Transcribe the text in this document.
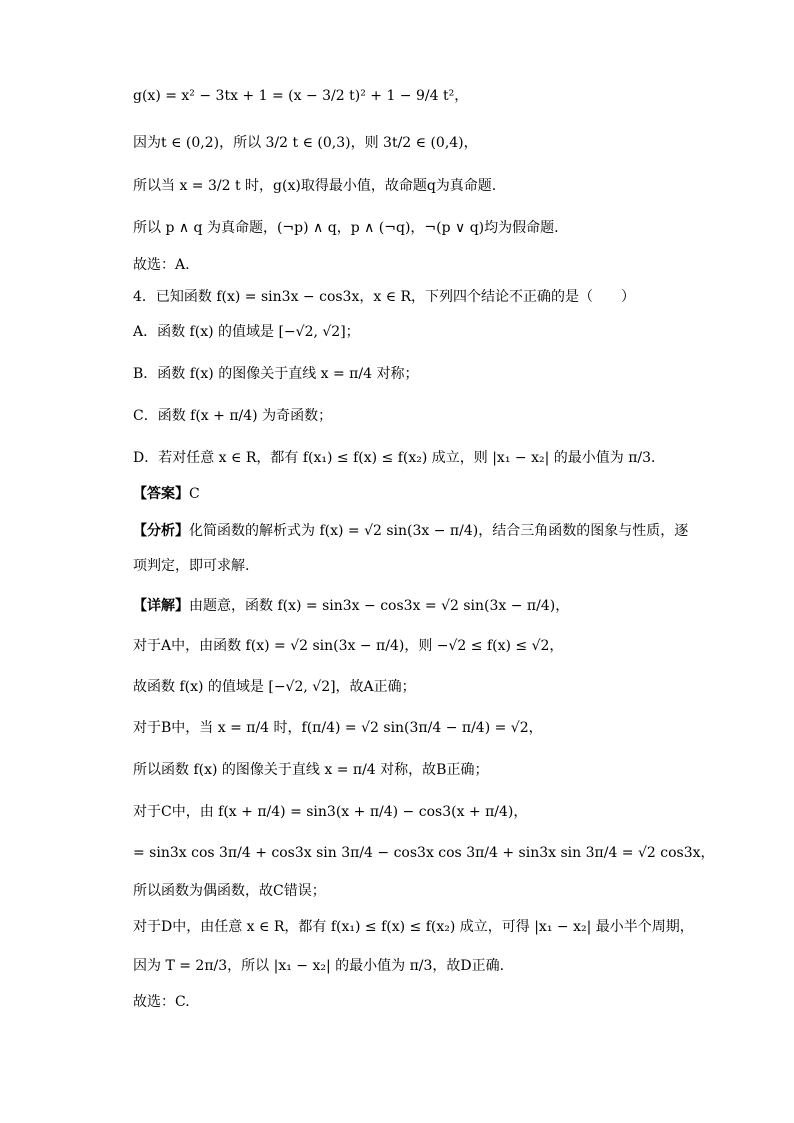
g(x) = x² − 3tx + 1 = (x − 3/2 t)² + 1 − 9/4 t²，
因为t ∈ (0,2)，所以 3/2 t ∈ (0,3)，则 3t/2 ∈ (0,4)，
所以当 x = 3/2 t 时，g(x)取得最小值，故命题q为真命题.
所以 p ∧ q 为真命题，(¬p) ∧ q，p ∧ (¬q)，¬(p ∨ q)均为假命题.
故选：A.
4．已知函数 f(x) = sin3x − cos3x，x ∈ R，下列四个结论不正确的是（　　）
A．函数 f(x) 的值域是 [−√2, √2]；
B．函数 f(x) 的图像关于直线 x = π/4 对称；
C．函数 f(x + π/4) 为奇函数；
D．若对任意 x ∈ R，都有 f(x₁) ≤ f(x) ≤ f(x₂) 成立，则 |x₁ − x₂| 的最小值为 π/3．
【答案】C
【分析】化简函数的解析式为 f(x) = √2 sin(3x − π/4)，结合三角函数的图象与性质，逐
项判定，即可求解.
【详解】由题意，函数 f(x) = sin3x − cos3x = √2 sin(3x − π/4)，
对于A中，由函数 f(x) = √2 sin(3x − π/4)，则 −√2 ≤ f(x) ≤ √2，
故函数 f(x) 的值域是 [−√2, √2]，故A正确；
对于B中，当 x = π/4 时，f(π/4) = √2 sin(3π/4 − π/4) = √2，
所以函数 f(x) 的图像关于直线 x = π/4 对称，故B正确；
对于C中，由 f(x + π/4) = sin3(x + π/4) − cos3(x + π/4)，
= sin3x cos 3π/4 + cos3x sin 3π/4 − cos3x cos 3π/4 + sin3x sin 3π/4 = √2 cos3x，
所以函数为偶函数，故C错误；
对于D中，由任意 x ∈ R，都有 f(x₁) ≤ f(x) ≤ f(x₂) 成立，可得 |x₁ − x₂| 最小半个周期，
因为 T = 2π/3，所以 |x₁ − x₂| 的最小值为 π/3，故D正确.
故选：C.
